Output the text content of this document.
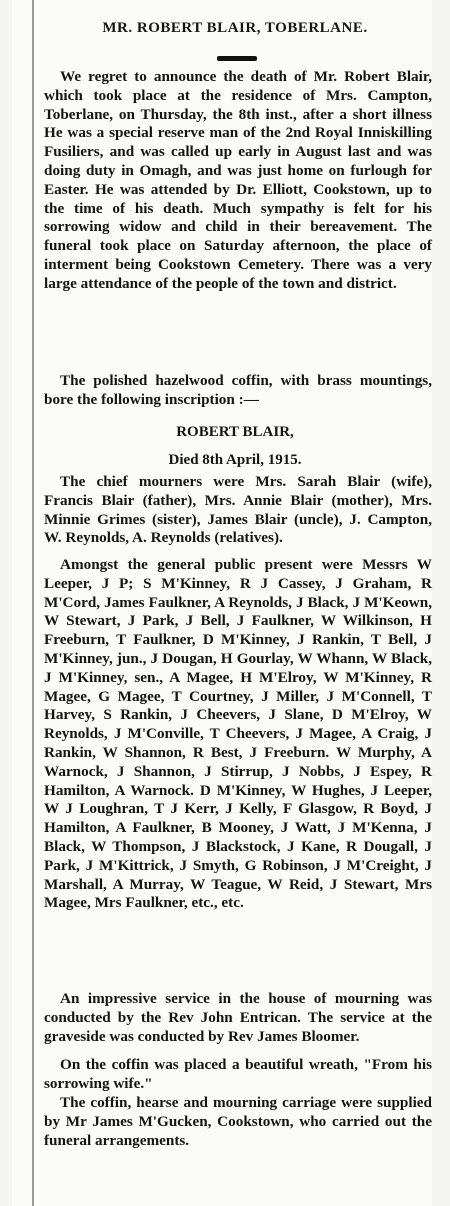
MR. ROBERT BLAIR, TOBERLANE.

We regret to announce the death of Mr. Robert Blair, which took place at the residence of Mrs. Campton, Toberlane, on Thursday, the 8th inst., after a short illness He was a special reserve man of the 2nd Royal Inniskilling Fusiliers, and was called up early in August last and was doing duty in Omagh, and was just home on furlough for Easter. He was attended by Dr. Elliott, Cookstown, up to the time of his death. Much sympathy is felt for his sorrowing widow and child in their bereavement. The funeral took place on Saturday afternoon, the place of interment being Cookstown Cemetery. There was a very large attendance of the people of the town and district.

The polished hazelwood coffin, with brass mountings, bore the following inscription :—

ROBERT BLAIR,
Died 8th April, 1915.

The chief mourners were Mrs. Sarah Blair (wife), Francis Blair (father), Mrs. Annie Blair (mother), Mrs. Minnie Grimes (sister), James Blair (uncle), J. Campton, W. Reynolds, A. Reynolds (relatives).

Amongst the general public present were Messrs W Leeper, J P; S M'Kinney, R J Cassey, J Graham, R M'Cord, James Faulkner, A Reynolds, J Black, J M'Keown, W Stewart, J Park, J Bell, J Faulkner, W Wilkinson, H Freeburn, T Faulkner, D M'Kinney, J Rankin, T Bell, J M'Kinney, jun., J Dougan, H Gourlay, W Whann, W Black, J M'Kinney, sen., A Magee, H M'Elroy, W M'Kinney, R Magee, G Magee, T Courtney, J Miller, J M'Connell, T Harvey, S Rankin, J Cheevers, J Slane, D M'Elroy, W Reynolds, J M'Conville, T Cheevers, J Magee, A Craig, J Rankin, W Shannon, R Best, J Freeburn. W Murphy, A Warnock, J Shannon, J Stirrup, J Nobbs, J Espey, R Hamilton, A Warnock. D M'Kinney, W Hughes, J Leeper, W J Loughran, T J Kerr, J Kelly, F Glasgow, R Boyd, J Hamilton, A Faulkner, B Mooney, J Watt, J M'Kenna, J Black, W Thompson, J Blackstock, J Kane, R Dougall, J Park, J M'Kittrick, J Smyth, G Robinson, J M'Creight, J Marshall, A Murray, W Teague, W Reid, J Stewart, Mrs Magee, Mrs Faulkner, etc., etc.

An impressive service in the house of mourning was conducted by the Rev John Entrican. The service at the graveside was conducted by Rev James Bloomer.

On the coffin was placed a beautiful wreath, "From his sorrowing wife."

The coffin, hearse and mourning carriage were supplied by Mr James M'Gucken, Cookstown, who carried out the funeral arrangements.
